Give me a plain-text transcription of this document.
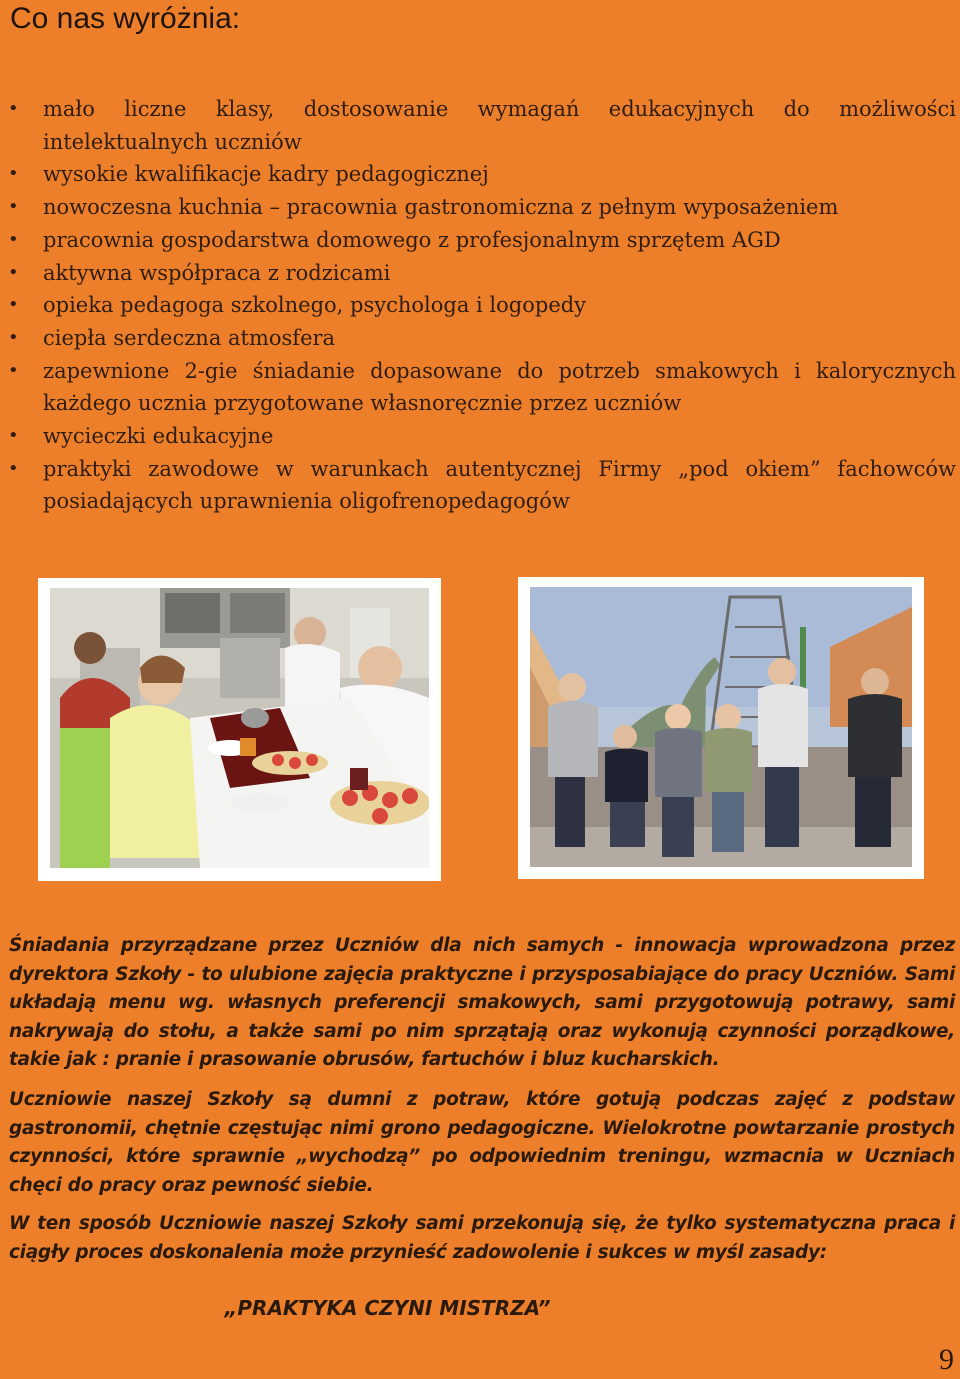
Co nas wyróżnia:
• mało liczne klasy, dostosowanie wymagań edukacyjnych do możliwości intelektualnych uczniów
• wysokie kwalifikacje kadry pedagogicznej
• nowoczesna kuchnia – pracownia gastronomiczna z pełnym wyposażeniem
• pracownia gospodarstwa domowego z profesjonalnym sprzętem AGD
• aktywna współpraca z rodzicami
• opieka pedagoga szkolnego, psychologa i logopedy
• ciepła serdeczna atmosfera
• zapewnione 2-gie śniadanie dopasowane do potrzeb smakowych i kalorycznych każdego ucznia przygotowane własnoręcznie przez uczniów
• wycieczki edukacyjne
• praktyki zawodowe w warunkach autentycznej Firmy „pod okiem” fachowców posiadających uprawnienia oligofrenopedagogów

Śniadania przyrządzane przez Uczniów dla nich samych - innowacja wprowadzona przez dyrektora Szkoły - to ulubione zajęcia praktyczne i przysposabiające do pracy Uczniów. Sami układają menu wg. własnych preferencji smakowych, sami przygotowują potrawy, sami nakrywają do stołu, a także sami po nim sprzątają oraz wykonują czynności porządkowe, takie jak : pranie i prasowanie obrusów, fartuchów i bluz kucharskich.

Uczniowie naszej Szkoły są dumni z potraw, które gotują podczas zajęć z podstaw gastronomii, chętnie częstując nimi grono pedagogiczne. Wielokrotne powtarzanie prostych czynności, które sprawnie „wychodzą” po odpowiednim treningu, wzmacnia w Uczniach chęci do pracy oraz pewność siebie.

W ten sposób Uczniowie naszej Szkoły sami przekonują się, że tylko systematyczna praca i ciągły proces doskonalenia może przynieść zadowolenie i sukces w myśl zasady:

„PRAKTYKA CZYNI MISTRZA”
9
